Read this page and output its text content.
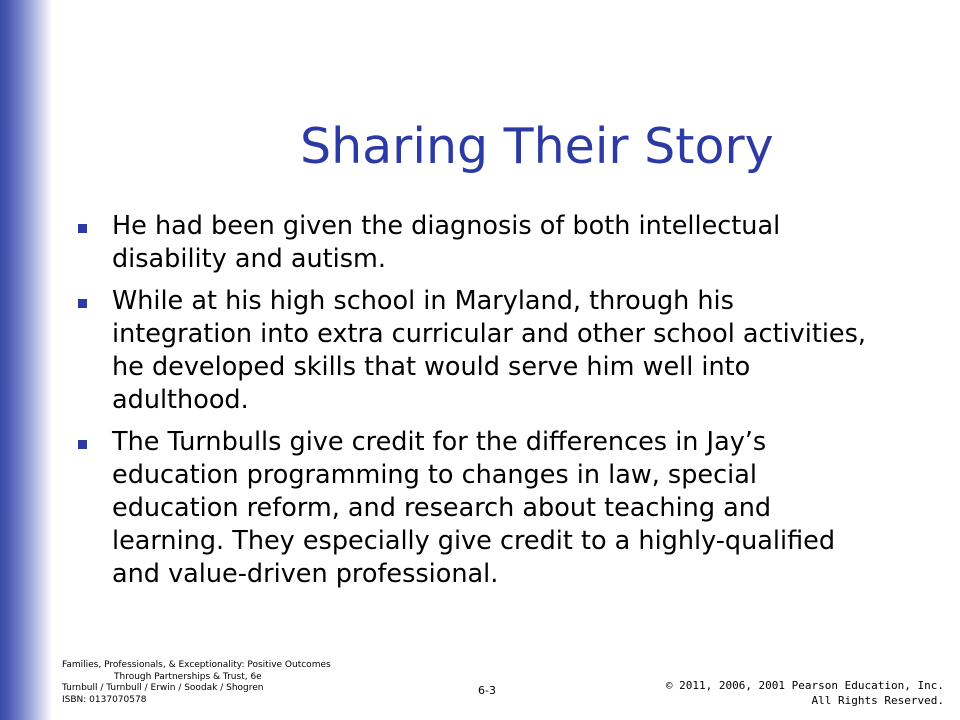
Sharing Their Story
He had been given the diagnosis of both intellectual disability and autism.
While at his high school in Maryland, through his integration into extra curricular and other school activities, he developed skills that would serve him well into adulthood.
The Turnbulls give credit for the differences in Jay’s education programming to changes in law, special education reform, and research about teaching and learning. They especially give credit to a highly-qualified and value-driven professional.
Families, Professionals, & Exceptionality: Positive Outcomes
Through Partnerships & Trust, 6e
Turnbull / Turnbull / Erwin / Soodak / Shogren
ISBN: 0137070578
6-3	© 2011, 2006, 2001 Pearson Education, Inc.
All Rights Reserved.
